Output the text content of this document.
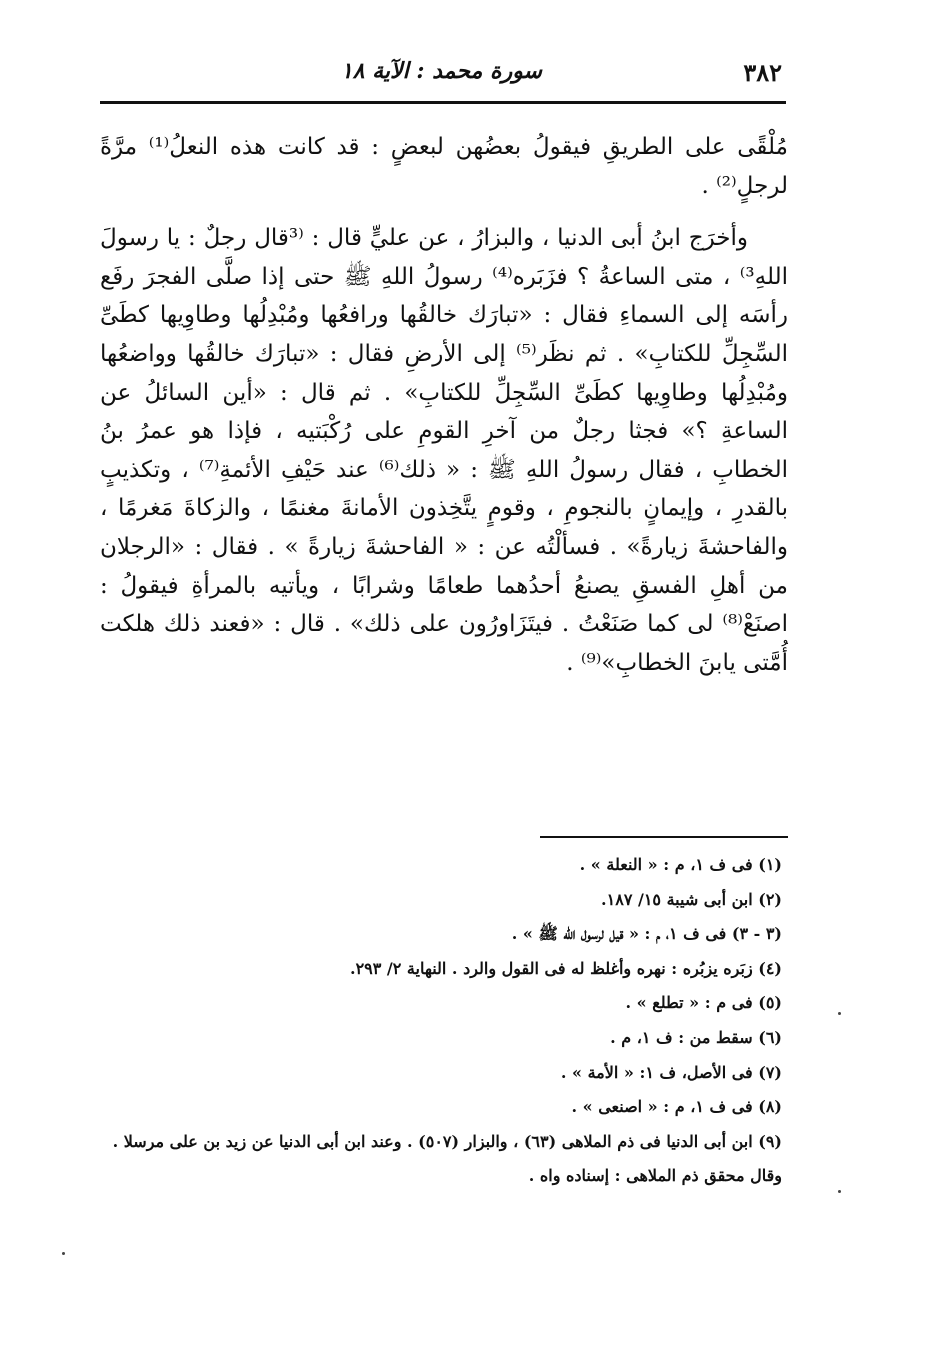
٣٨٢
سورة محمد : الآية ١٨

مُلْقًى على الطريقِ فيقولُ بعضُهن لبعضٍ : قد كانت هذه النعلُ⁽¹⁾ مرَّةً لرجلٍ⁽²⁾ .

وأخرَج ابنُ أبى الدنيا ، والبزارُ ، عن عليٍّ قال : ⁽³قال رجلٌ : يا رسولَ اللهِ³⁾ ، متى الساعةُ ؟ فزَبَره⁽⁴⁾ رسولُ اللهِ ﷺ حتى إذا صلَّى الفجرَ رفَع رأسَه إلى السماءِ فقال : «تبارَك خالقُها ورافعُها ومُبْدِلُها وطاوِيها كطَىِّ السِّجِلِّ للكتابِ» . ثم نظَر⁽⁵⁾ إلى الأرضِ فقال : «تبارَك خالقُها وواضعُها ومُبْدِلُها وطاوِيها كطَىِّ السِّجِلِّ للكتابِ» . ثم قال : «أين السائلُ عن الساعةِ ؟» فجثا رجلٌ من آخرِ القومِ على رُكْبَتيه ، فإذا هو عمرُ بنُ الخطابِ ، فقال رسولُ اللهِ ﷺ : « ذلك⁽⁶⁾ عند حَيْفِ الأئمةِ⁽⁷⁾ ، وتكذيبٍ بالقدرِ ، وإيمانٍ بالنجومِ ، وقومٍ يتَّخِذون الأمانةَ مغنمًا ، والزكاةَ مَغرمًا ، والفاحشةَ زيارةً» . فسألْتُه عن : « الفاحشةَ زيارةً » . فقال : «الرجلان من أهلِ الفسقِ يصنعُ أحدُهما طعامًا وشرابًا ، ويأتيه بالمرأةِ فيقولُ : اصنَعْ⁽⁸⁾ لى كما صَنَعْتُ . فيتَزَاورُون على ذلك» . قال : «فعند ذلك هلكت أُمَّتى يابنَ الخطابِ»⁽⁹⁾ .

(١) فى ف ١، م : « النعلة » .

(٢) ابن أبى شيبة ١٥/ ١٨٧.

(٣ - ٣) فى ف ١، م : « قيل لرسول الله ﷺ » .

(٤) زبَره يزبُره : نهره وأغلظ له فى القول والرد . النهاية ٢/ ٢٩٣.

(٥) فى م : « تطلع » .

(٦) سقط من : ف ١، م .

(٧) فى الأصل، ف ١: « الأمة » .

(٨) فى ف ١، م : « اصنعى » .

(٩) ابن أبى الدنيا فى ذم الملاهى (٦٣) ، والبزار (٥٠٧) . وعند ابن أبى الدنيا عن زيد بن على مرسلا .

وقال محقق ذم الملاهى : إسناده واه .
